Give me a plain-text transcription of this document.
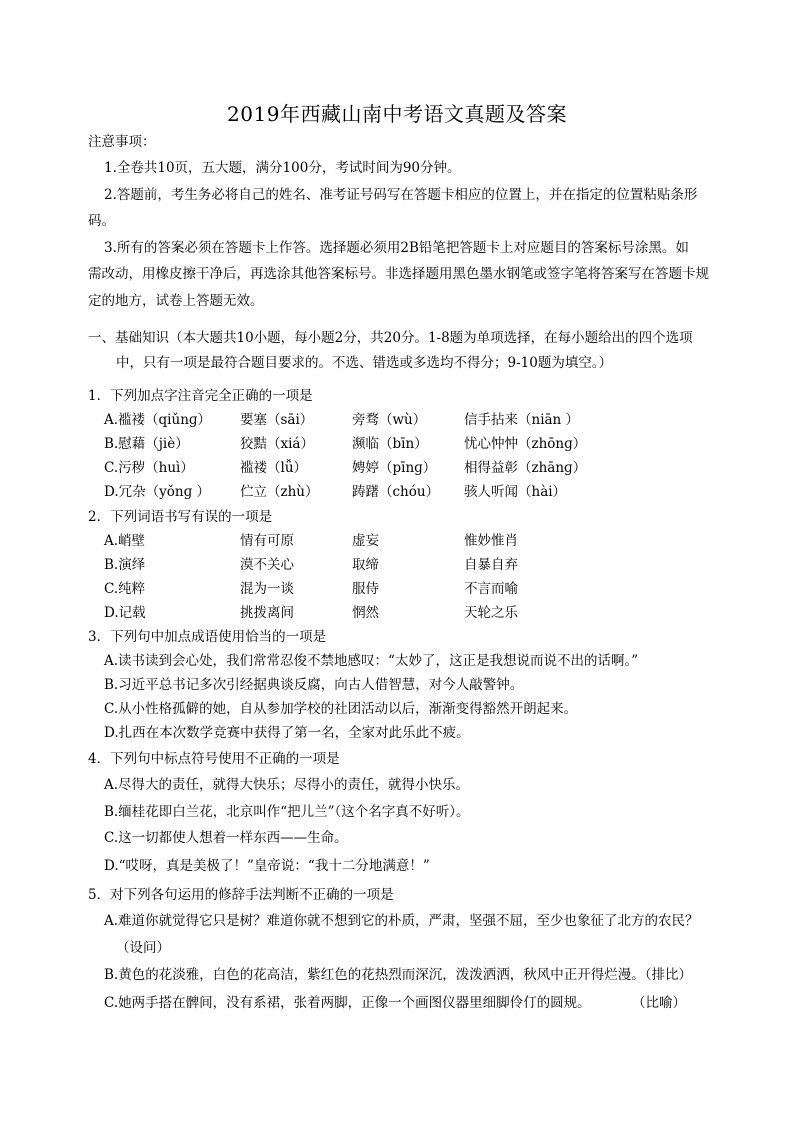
2019年西藏山南中考语文真题及答案
注意事项：
1.全卷共10页，五大题，满分100分，考试时间为90分钟。
2.答题前，考生务必将自己的姓名、准考证号码写在答题卡相应的位置上，并在指定的位置粘贴条形
码。
3.所有的答案必须在答题卡上作答。选择题必须用2B铅笔把答题卡上对应题目的答案标号涂黑。如
需改动，用橡皮擦干净后，再选涂其他答案标号。非选择题用黑色墨水钢笔或签字笔将答案写在答题卡规
定的地方，试卷上答题无效。
一、基础知识（本大题共10小题，每小题2分，共20分。1-8题为单项选择，在每小题给出的四个选项
中，只有一项是最符合题目要求的。不选、错选或多选均不得分；9-10题为填空。）
1．下列加点字注音完全正确的一项是
A.褴褛（qiǔnɡ） 要塞（sāi）	旁骛（wù）	信手拈来（niān ）
B.慰藉（jiè）	狡黠（xiá）	濒临（bīn）	忧心忡忡（zhōnɡ）
C.污秽（huì）	褴褛（lǚ）	娉婷（pīnɡ） 相得益彰（zhānɡ）
D.冗杂（yǒnɡ ） 伫立（zhù） 踌躇（chóu） 骇人听闻（hài）
2．下列词语书写有误的一项是
A.峭壁	情有可原	虚妄	惟妙惟肖
B.演绎	漠不关心	取缔	自暴自弃
C.纯粹	混为一谈	服侍	不言而喻
D.记载	挑拨离间	惘然	天轮之乐
3．下列句中加点成语使用恰当的一项是
A.读书读到会心处，我们常常忍俊不禁地感叹：“太妙了，这正是我想说而说不出的话啊。”
B.习近平总书记多次引经据典谈反腐，向古人借智慧，对今人敲警钟。
C.从小性格孤僻的她，自从参加学校的社团活动以后，渐渐变得豁然开朗起来。
D.扎西在本次数学竞赛中获得了第一名，全家对此乐此不疲。
4．下列句中标点符号使用不正确的一项是
A.尽得大的责任，就得大快乐；尽得小的责任，就得小快乐。
B.缅桂花即白兰花，北京叫作“把儿兰”（这个名字真不好听）。
C.这一切都使人想着一样东西——生命。
D.“哎呀，真是美极了！”皇帝说：“我十二分地满意！”
5．对下列各句运用的修辞手法判断不正确的一项是
A.难道你就觉得它只是树？难道你就不想到它的朴质，严肃，坚强不屈，至少也象征了北方的农民？
（设问）
B.黄色的花淡雅，白色的花高洁，紫红色的花热烈而深沉，泼泼洒洒，秋风中正开得烂漫。（排比）
C.她两手搭在髀间，没有系裙，张着两脚，正像一个画图仪器里细脚伶仃的圆规。	（比喻）
